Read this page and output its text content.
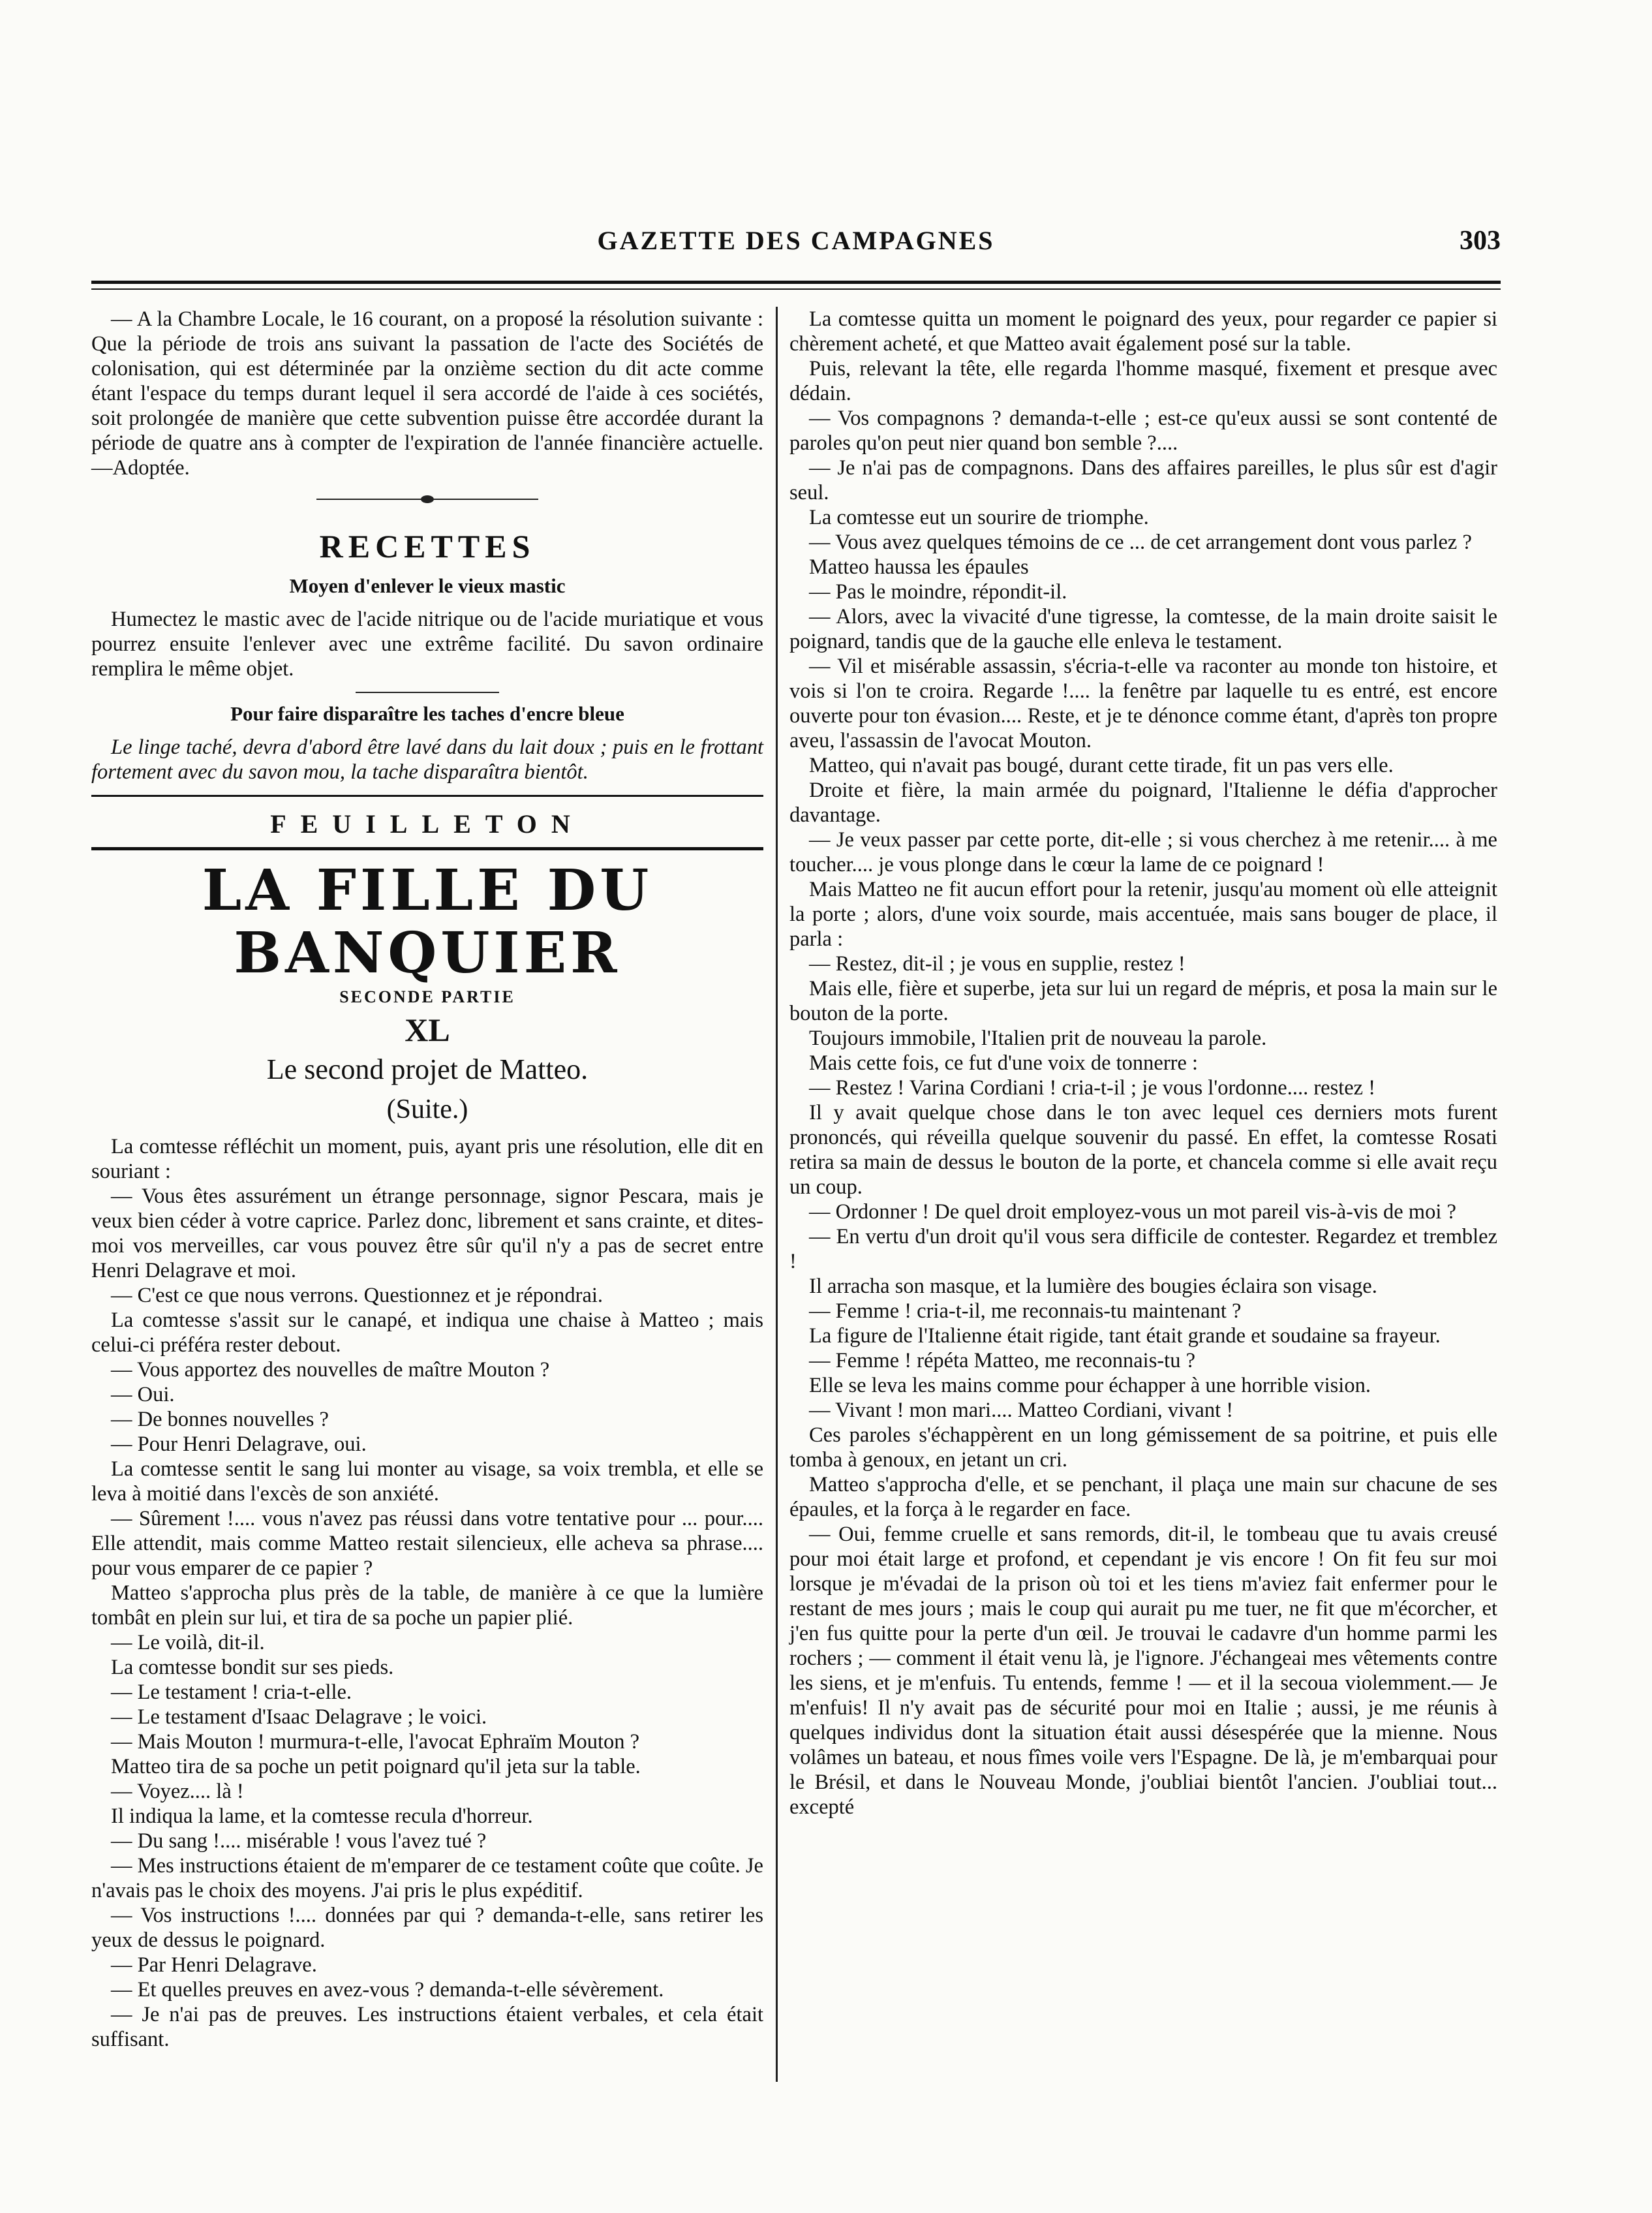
GAZETTE DES CAMPAGNES	303

— A la Chambre Locale, le 16 courant, on a proposé la résolution suivante : Que la période de trois ans suivant la passation de l'acte des Sociétés de colonisation, qui est déterminée par la onzième section du dit acte comme étant l'espace du temps durant lequel il sera accordé de l'aide à ces sociétés, soit prolongée de manière que cette subvention puisse être accordée durant la période de quatre ans à compter de l'expiration de l'année financière actuelle.—Adoptée.

RECETTES
Moyen d'enlever le vieux mastic

Humectez le mastic avec de l'acide nitrique ou de l'acide muriatique et vous pourrez ensuite l'enlever avec une extrême facilité. Du savon ordinaire remplira le même objet.

Pour faire disparaître les taches d'encre bleue

Le linge taché, devra d'abord être lavé dans du lait doux ; puis en le frottant fortement avec du savon mou, la tache disparaîtra bientôt.

FEUILLETON
LA FILLE DU BANQUIER
SECONDE PARTIE
XL
Le second projet de Matteo.
(Suite.)

La comtesse réfléchit un moment, puis, ayant pris une résolution, elle dit en souriant :

— Vous êtes assurément un étrange personnage, signor Pescara, mais je veux bien céder à votre caprice. Parlez donc, librement et sans crainte, et dites-moi vos merveilles, car vous pouvez être sûr qu'il n'y a pas de secret entre Henri Delagrave et moi.

— C'est ce que nous verrons. Questionnez et je répondrai.

La comtesse s'assit sur le canapé, et indiqua une chaise à Matteo ; mais celui-ci préféra rester debout.

— Vous apportez des nouvelles de maître Mouton ?

— Oui.

— De bonnes nouvelles ?

— Pour Henri Delagrave, oui.

La comtesse sentit le sang lui monter au visage, sa voix trembla, et elle se leva à moitié dans l'excès de son anxiété.

— Sûrement !.... vous n'avez pas réussi dans votre tentative pour ... pour.... Elle attendit, mais comme Matteo restait silencieux, elle acheva sa phrase.... pour vous emparer de ce papier ?

Matteo s'approcha plus près de la table, de manière à ce que la lumière tombât en plein sur lui, et tira de sa poche un papier plié.

— Le voilà, dit-il.

La comtesse bondit sur ses pieds.

— Le testament ! cria-t-elle.

— Le testament d'Isaac Delagrave ; le voici.

— Mais Mouton ! murmura-t-elle, l'avocat Ephraïm Mouton ?

Matteo tira de sa poche un petit poignard qu'il jeta sur la table.

— Voyez.... là !

Il indiqua la lame, et la comtesse recula d'horreur.

— Du sang !.... misérable ! vous l'avez tué ?

— Mes instructions étaient de m'emparer de ce testament coûte que coûte. Je n'avais pas le choix des moyens. J'ai pris le plus expéditif.

— Vos instructions !.... données par qui ? demanda-t-elle, sans retirer les yeux de dessus le poignard.

— Par Henri Delagrave.

— Et quelles preuves en avez-vous ? demanda-t-elle sévèrement.

— Je n'ai pas de preuves. Les instructions étaient verbales, et cela était suffisant.

La comtesse quitta un moment le poignard des yeux, pour regarder ce papier si chèrement acheté, et que Matteo avait également posé sur la table.

Puis, relevant la tête, elle regarda l'homme masqué, fixement et presque avec dédain.

— Vos compagnons ? demanda-t-elle ; est-ce qu'eux aussi se sont contenté de paroles qu'on peut nier quand bon semble ?....

— Je n'ai pas de compagnons. Dans des affaires pareilles, le plus sûr est d'agir seul.

La comtesse eut un sourire de triomphe.

— Vous avez quelques témoins de ce ... de cet arrangement dont vous parlez ?

Matteo haussa les épaules

— Pas le moindre, répondit-il.

— Alors, avec la vivacité d'une tigresse, la comtesse, de la main droite saisit le poignard, tandis que de la gauche elle enleva le testament.

— Vil et misérable assassin, s'écria-t-elle va raconter au monde ton histoire, et vois si l'on te croira. Regarde !.... la fenêtre par laquelle tu es entré, est encore ouverte pour ton évasion.... Reste, et je te dénonce comme étant, d'après ton propre aveu, l'assassin de l'avocat Mouton.

Matteo, qui n'avait pas bougé, durant cette tirade, fit un pas vers elle.

Droite et fière, la main armée du poignard, l'Italienne le défia d'approcher davantage.

— Je veux passer par cette porte, dit-elle ; si vous cherchez à me retenir.... à me toucher.... je vous plonge dans le cœur la lame de ce poignard !

Mais Matteo ne fit aucun effort pour la retenir, jusqu'au moment où elle atteignit la porte ; alors, d'une voix sourde, mais accentuée, mais sans bouger de place, il parla :

— Restez, dit-il ; je vous en supplie, restez !

Mais elle, fière et superbe, jeta sur lui un regard de mépris, et posa la main sur le bouton de la porte.

Toujours immobile, l'Italien prit de nouveau la parole.

Mais cette fois, ce fut d'une voix de tonnerre :

— Restez ! Varina Cordiani ! cria-t-il ; je vous l'ordonne.... restez !

Il y avait quelque chose dans le ton avec lequel ces derniers mots furent prononcés, qui réveilla quelque souvenir du passé. En effet, la comtesse Rosati retira sa main de dessus le bouton de la porte, et chancela comme si elle avait reçu un coup.

— Ordonner ! De quel droit employez-vous un mot pareil vis-à-vis de moi ?

— En vertu d'un droit qu'il vous sera difficile de contester. Regardez et tremblez !

Il arracha son masque, et la lumière des bougies éclaira son visage.

— Femme ! cria-t-il, me reconnais-tu maintenant ?

La figure de l'Italienne était rigide, tant était grande et soudaine sa frayeur.

— Femme ! répéta Matteo, me reconnais-tu ?

Elle se leva les mains comme pour échapper à une horrible vision.

— Vivant ! mon mari.... Matteo Cordiani, vivant !

Ces paroles s'échappèrent en un long gémissement de sa poitrine, et puis elle tomba à genoux, en jetant un cri.

Matteo s'approcha d'elle, et se penchant, il plaça une main sur chacune de ses épaules, et la força à le regarder en face.

— Oui, femme cruelle et sans remords, dit-il, le tombeau que tu avais creusé pour moi était large et profond, et cependant je vis encore ! On fit feu sur moi lorsque je m'évadai de la prison où toi et les tiens m'aviez fait enfermer pour le restant de mes jours ; mais le coup qui aurait pu me tuer, ne fit que m'écorcher, et j'en fus quitte pour la perte d'un œil. Je trouvai le cadavre d'un homme parmi les rochers ; — comment il était venu là, je l'ignore. J'échangeai mes vêtements contre les siens, et je m'enfuis. Tu entends, femme ! — et il la secoua violemment.— Je m'enfuis! Il n'y avait pas de sécurité pour moi en Italie ; aussi, je me réunis à quelques individus dont la situation était aussi désespérée que la mienne. Nous volâmes un bateau, et nous fîmes voile vers l'Espagne. De là, je m'embarquai pour le Brésil, et dans le Nouveau Monde, j'oubliai bientôt l'ancien. J'oubliai tout... excepté
